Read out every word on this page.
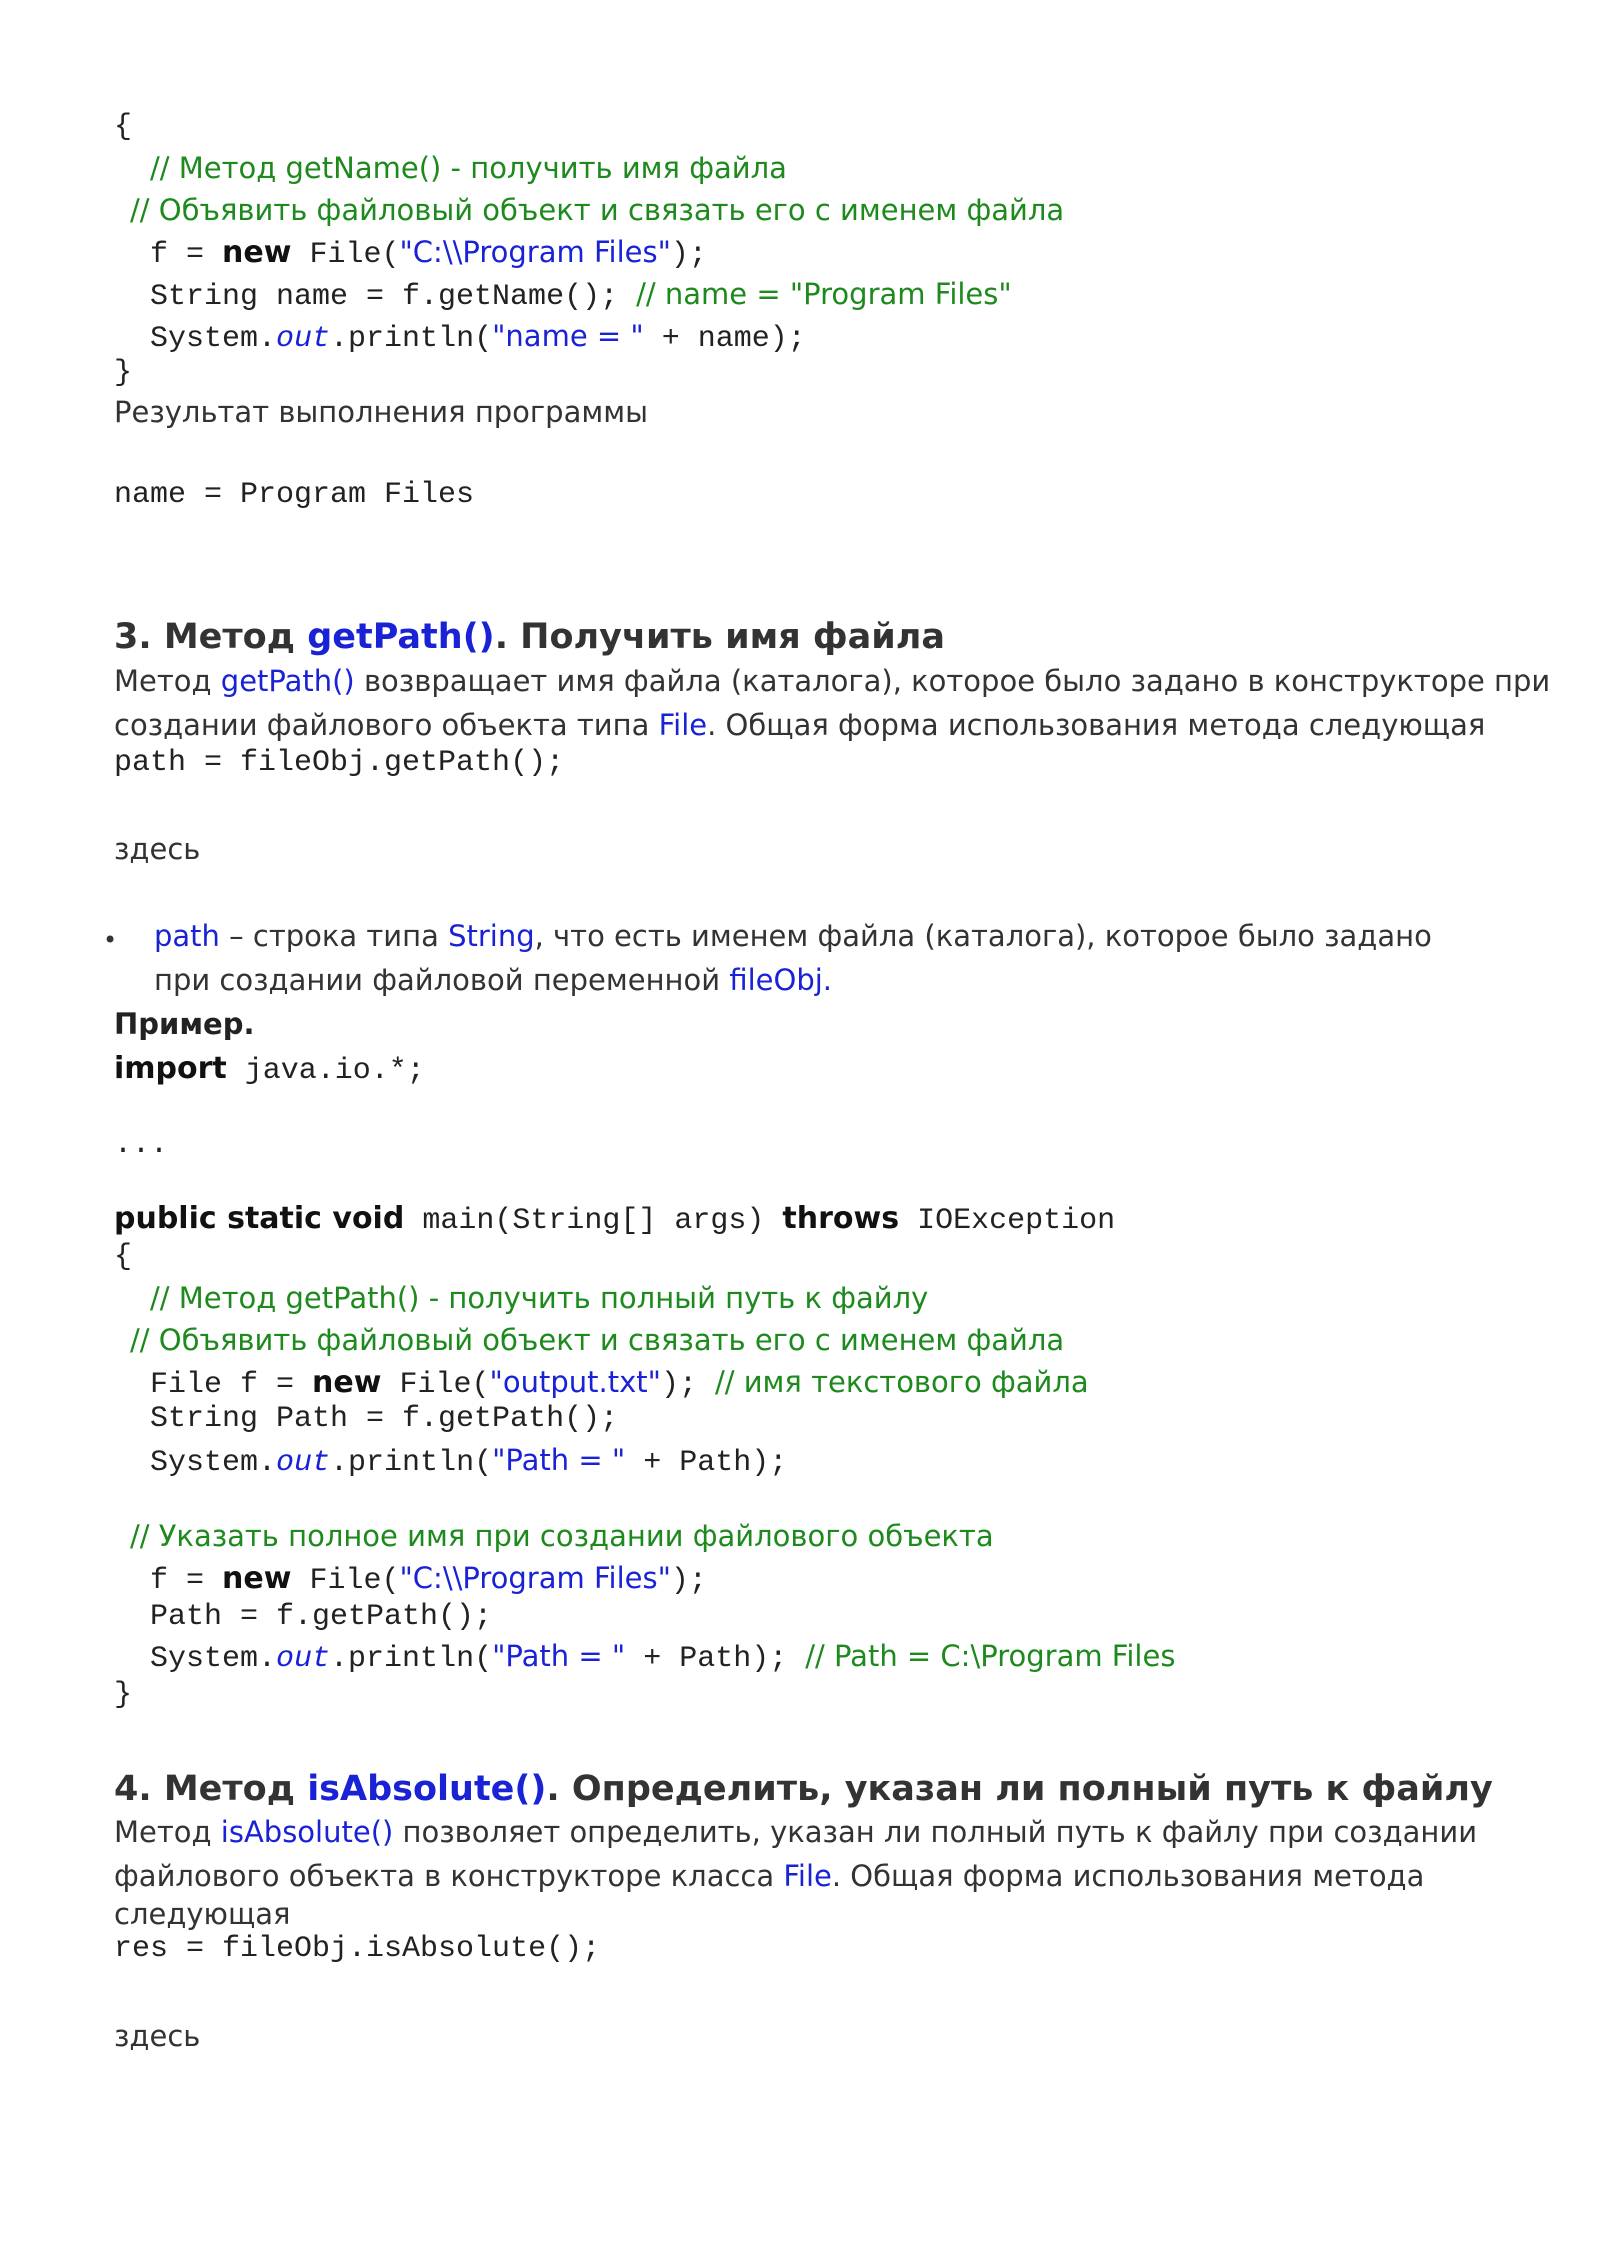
{
// Метод getName() - получить имя файла
// Объявить файловый объект и связать его с именем файла
f = new File("C:\\Program Files");
String name = f.getName(); // name = "Program Files"
System.out.println("name = " + name);
}
Результат выполнения программы
name = Program Files
3. Метод getPath(). Получить имя файла
Метод getPath() возвращает имя файла (каталога), которое было задано в конструкторе при
создании файлового объекта типа File. Общая форма использования метода следующая
path = fileObj.getPath();
здесь
• path – строка типа String, что есть именем файла (каталога), которое было задано
при создании файловой переменной fileObj.
Пример.
import java.io.*;
...
public static void main(String[] args) throws IOException
{
// Метод getPath() - получить полный путь к файлу
// Объявить файловый объект и связать его с именем файла
File f = new File("output.txt"); // имя текстового файла
String Path = f.getPath();
System.out.println("Path = " + Path);
// Указать полное имя при создании файлового объекта
f = new File("C:\\Program Files");
Path = f.getPath();
System.out.println("Path = " + Path); // Path = C:\Program Files
}
4. Метод isAbsolute(). Определить, указан ли полный путь к файлу
Метод isAbsolute() позволяет определить, указан ли полный путь к файлу при создании
файлового объекта в конструкторе класса File. Общая форма использования метода
следующая
res = fileObj.isAbsolute();
здесь
